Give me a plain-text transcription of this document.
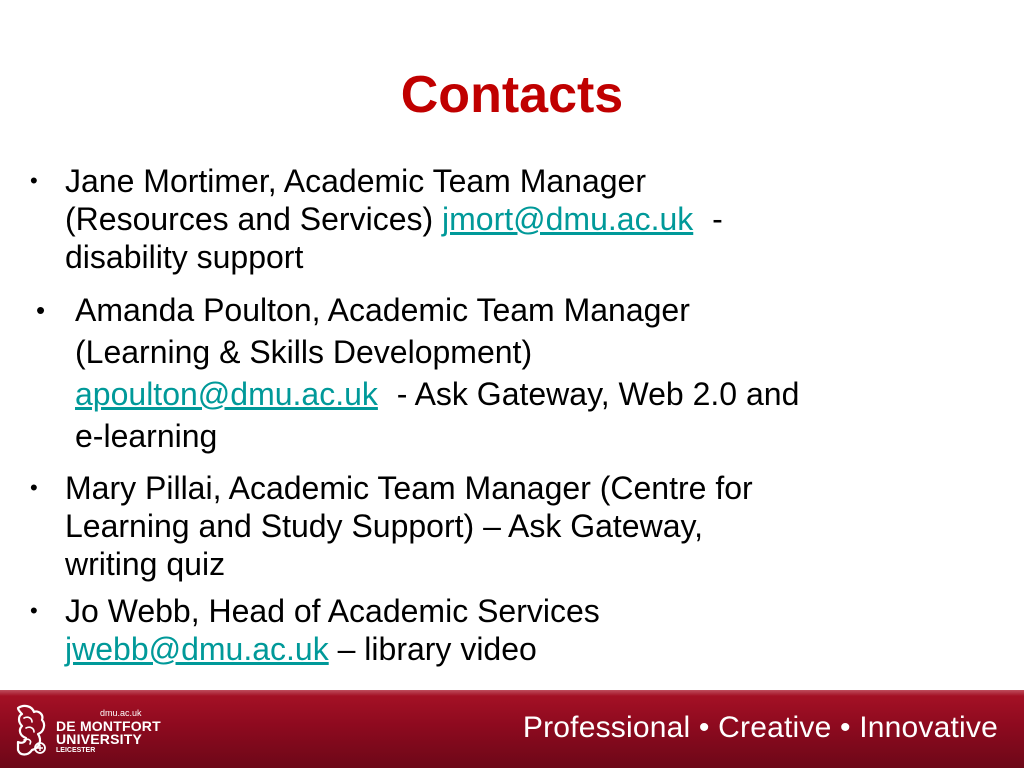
Contacts
• Jane Mortimer, Academic Team Manager
(Resources and Services) jmort@dmu.ac.uk -
disability support
• Amanda Poulton, Academic Team Manager
(Learning & Skills Development)
apoulton@dmu.ac.uk - Ask Gateway, Web 2.0 and
e-learning
• Mary Pillai, Academic Team Manager (Centre for
Learning and Study Support) – Ask Gateway,
writing quiz
• Jo Webb, Head of Academic Services
jwebb@dmu.ac.uk – library video
dmu.ac.uk
DE MONTFORT
UNIVERSITY
LEICESTER
Professional • Creative • Innovative
